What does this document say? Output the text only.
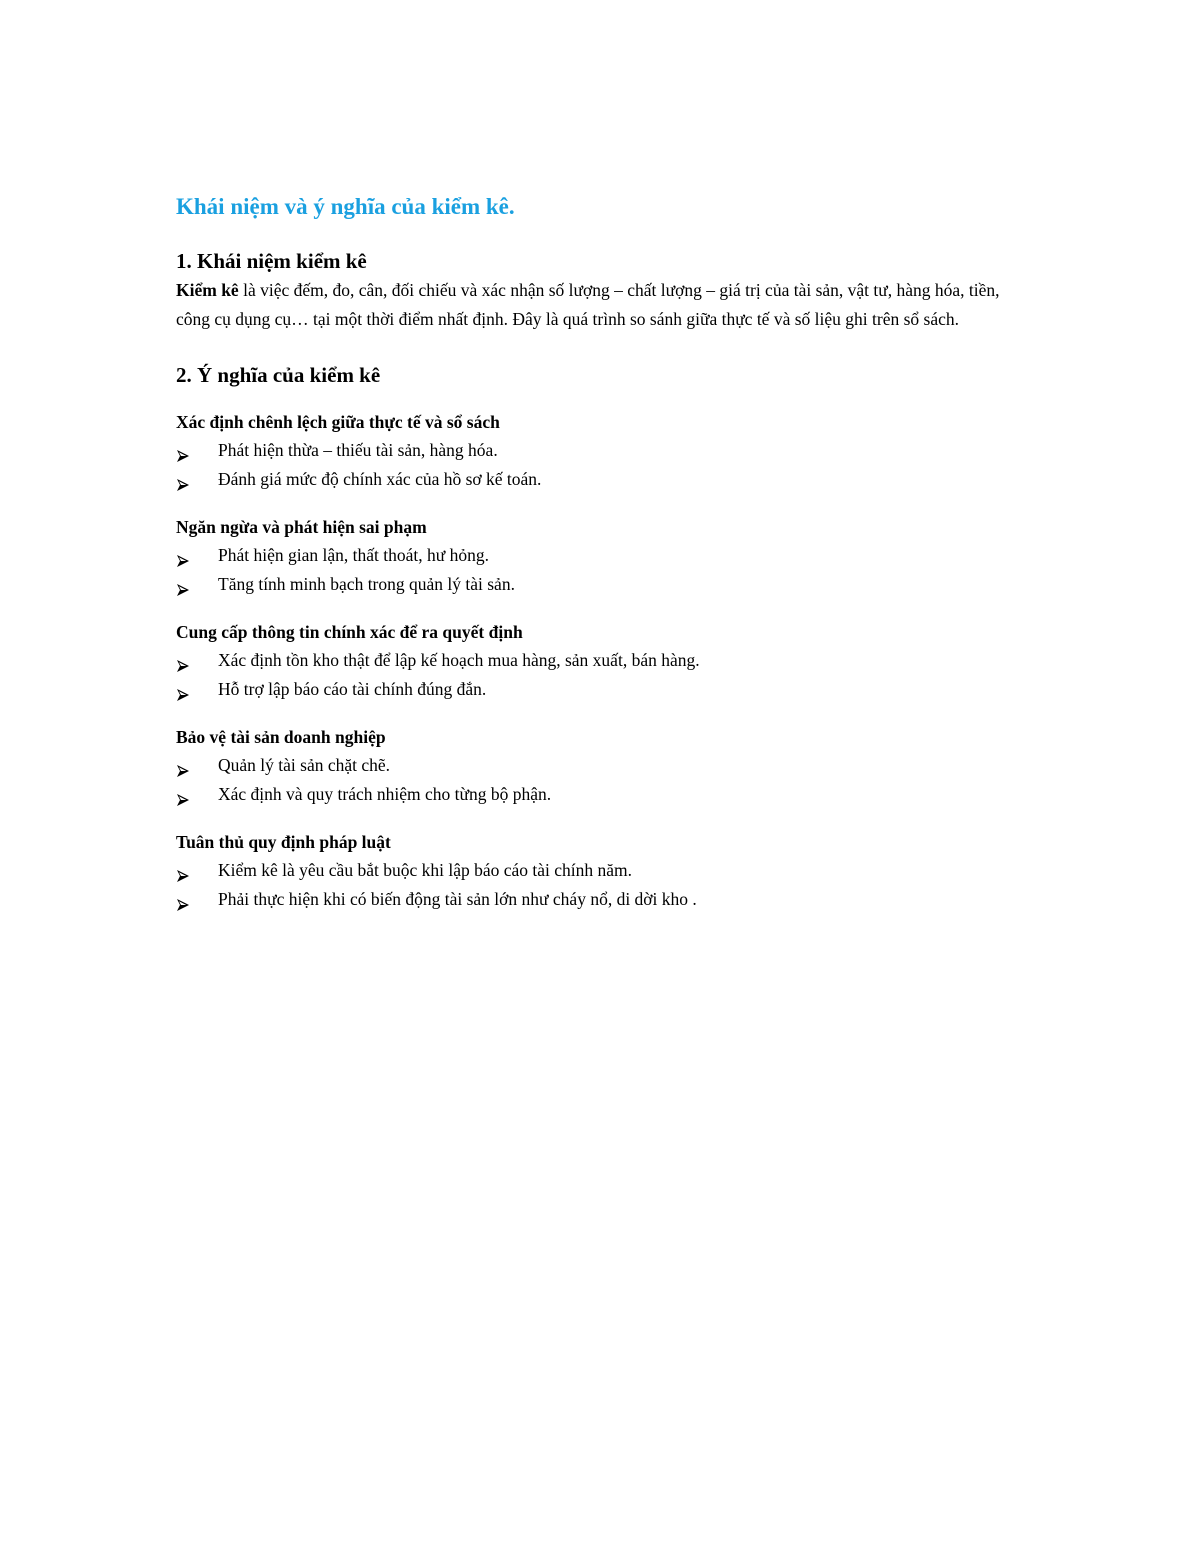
Khái niệm và ý nghĩa của kiểm kê.
1. Khái niệm kiểm kê

Kiểm kê là việc đếm, đo, cân, đối chiếu và xác nhận số lượng – chất lượng – giá trị của tài sản, vật tư, hàng hóa, tiền, công cụ dụng cụ… tại một thời điểm nhất định. Đây là quá trình so sánh giữa thực tế và số liệu ghi trên sổ sách.

2. Ý nghĩa của kiểm kê

Xác định chênh lệch giữa thực tế và sổ sách

Phát hiện thừa – thiếu tài sản, hàng hóa.
Đánh giá mức độ chính xác của hồ sơ kế toán.

Ngăn ngừa và phát hiện sai phạm

Phát hiện gian lận, thất thoát, hư hỏng.
Tăng tính minh bạch trong quản lý tài sản.

Cung cấp thông tin chính xác để ra quyết định

Xác định tồn kho thật để lập kế hoạch mua hàng, sản xuất, bán hàng.
Hỗ trợ lập báo cáo tài chính đúng đắn.

Bảo vệ tài sản doanh nghiệp

Quản lý tài sản chặt chẽ.
Xác định và quy trách nhiệm cho từng bộ phận.

Tuân thủ quy định pháp luật

Kiểm kê là yêu cầu bắt buộc khi lập báo cáo tài chính năm.
Phải thực hiện khi có biến động tài sản lớn như cháy nổ, di dời kho .
